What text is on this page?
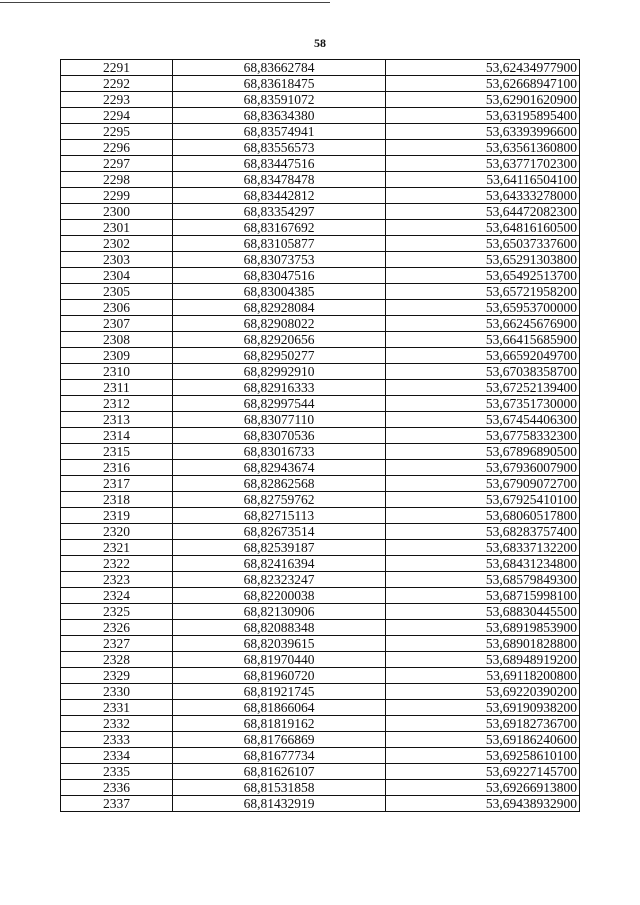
58
2291	68,83662784	53,62434977900
2292	68,83618475	53,62668947100
2293	68,83591072	53,62901620900
2294	68,83634380	53,63195895400
2295	68,83574941	53,63393996600
2296	68,83556573	53,63561360800
2297	68,83447516	53,63771702300
2298	68,83478478	53,64116504100
2299	68,83442812	53,64333278000
2300	68,83354297	53,64472082300
2301	68,83167692	53,64816160500
2302	68,83105877	53,65037337600
2303	68,83073753	53,65291303800
2304	68,83047516	53,65492513700
2305	68,83004385	53,65721958200
2306	68,82928084	53,65953700000
2307	68,82908022	53,66245676900
2308	68,82920656	53,66415685900
2309	68,82950277	53,66592049700
2310	68,82992910	53,67038358700
2311	68,82916333	53,67252139400
2312	68,82997544	53,67351730000
2313	68,83077110	53,67454406300
2314	68,83070536	53,67758332300
2315	68,83016733	53,67896890500
2316	68,82943674	53,67936007900
2317	68,82862568	53,67909072700
2318	68,82759762	53,67925410100
2319	68,82715113	53,68060517800
2320	68,82673514	53,68283757400
2321	68,82539187	53,68337132200
2322	68,82416394	53,68431234800
2323	68,82323247	53,68579849300
2324	68,82200038	53,68715998100
2325	68,82130906	53,68830445500
2326	68,82088348	53,68919853900
2327	68,82039615	53,68901828800
2328	68,81970440	53,68948919200
2329	68,81960720	53,69118200800
2330	68,81921745	53,69220390200
2331	68,81866064	53,69190938200
2332	68,81819162	53,69182736700
2333	68,81766869	53,69186240600
2334	68,81677734	53,69258610100
2335	68,81626107	53,69227145700
2336	68,81531858	53,69266913800
2337	68,81432919	53,69438932900
